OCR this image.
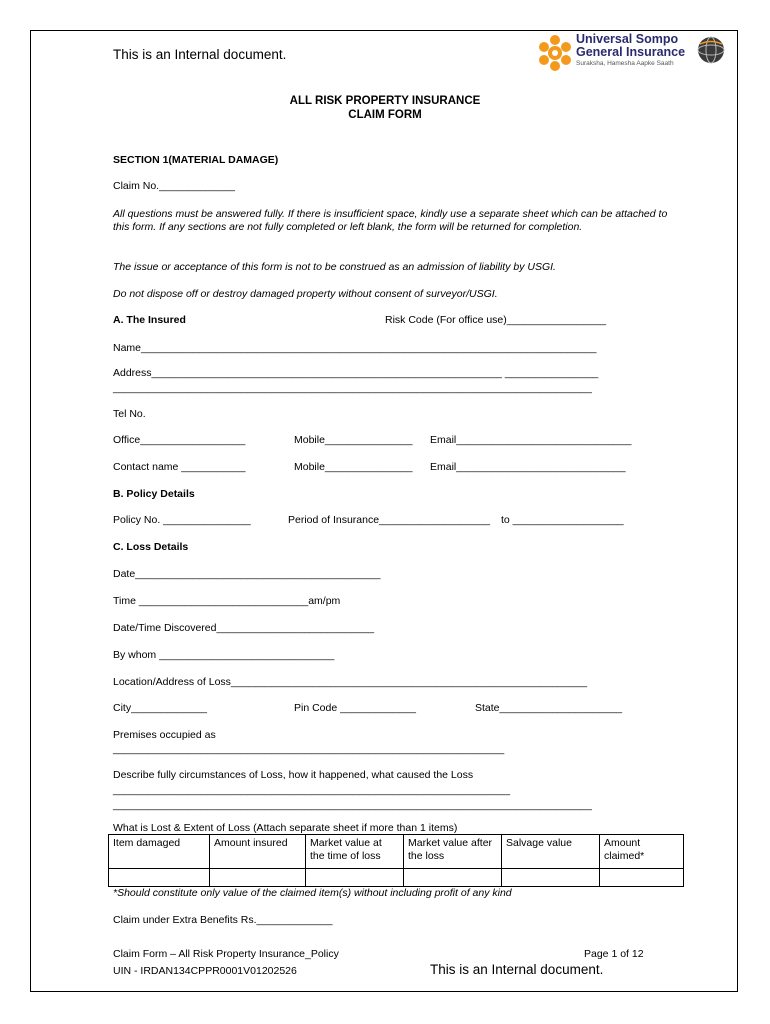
This is an Internal document.
Universal Sompo
General Insurance
Suraksha, Hamesha Aapke Saath
ALL RISK PROPERTY INSURANCE
CLAIM FORM
SECTION 1(MATERIAL DAMAGE)
Claim No._____________
All questions must be answered fully. If there is insufficient space, kindly use a separate sheet which can be attached to this form. If any sections are not fully completed or left blank, the form will be returned for completion.
The issue or acceptance of this form is not to be construed as an admission of liability by USGI.
Do not dispose off or destroy damaged property without consent of surveyor/USGI.
A. The Insured	Risk Code (For office use)_________________
Name______________________________________________________________________________
Address____________________________________________________________ ________________
__________________________________________________________________________________
Tel No.
Office__________________	Mobile_______________ Email______________________________
Contact name ___________	Mobile_______________ Email_____________________________
B. Policy Details
Policy No. _______________	Period of Insurance___________________ to ___________________
C. Loss Details
Date__________________________________________
Time _____________________________am/pm
Date/Time Discovered___________________________
By whom ______________________________
Location/Address of Loss_____________________________________________________________
City_____________	Pin Code _____________	State_____________________
Premises occupied as
___________________________________________________________________
Describe fully circumstances of Loss, how it happened, what caused the Loss
____________________________________________________________________
__________________________________________________________________________________
What is Lost & Extent of Loss (Attach separate sheet if more than 1 items)
Item damaged	Amount insured	Market value at the time of loss	Market value after the loss	Salvage value	Amount claimed*

*Should constitute only value of the claimed item(s) without including profit of any kind
Claim under Extra Benefits Rs._____________
Claim Form – All Risk Property Insurance_Policy	Page 1 of 12
UIN - IRDAN134CPPR0001V01202526	This is an Internal document.
